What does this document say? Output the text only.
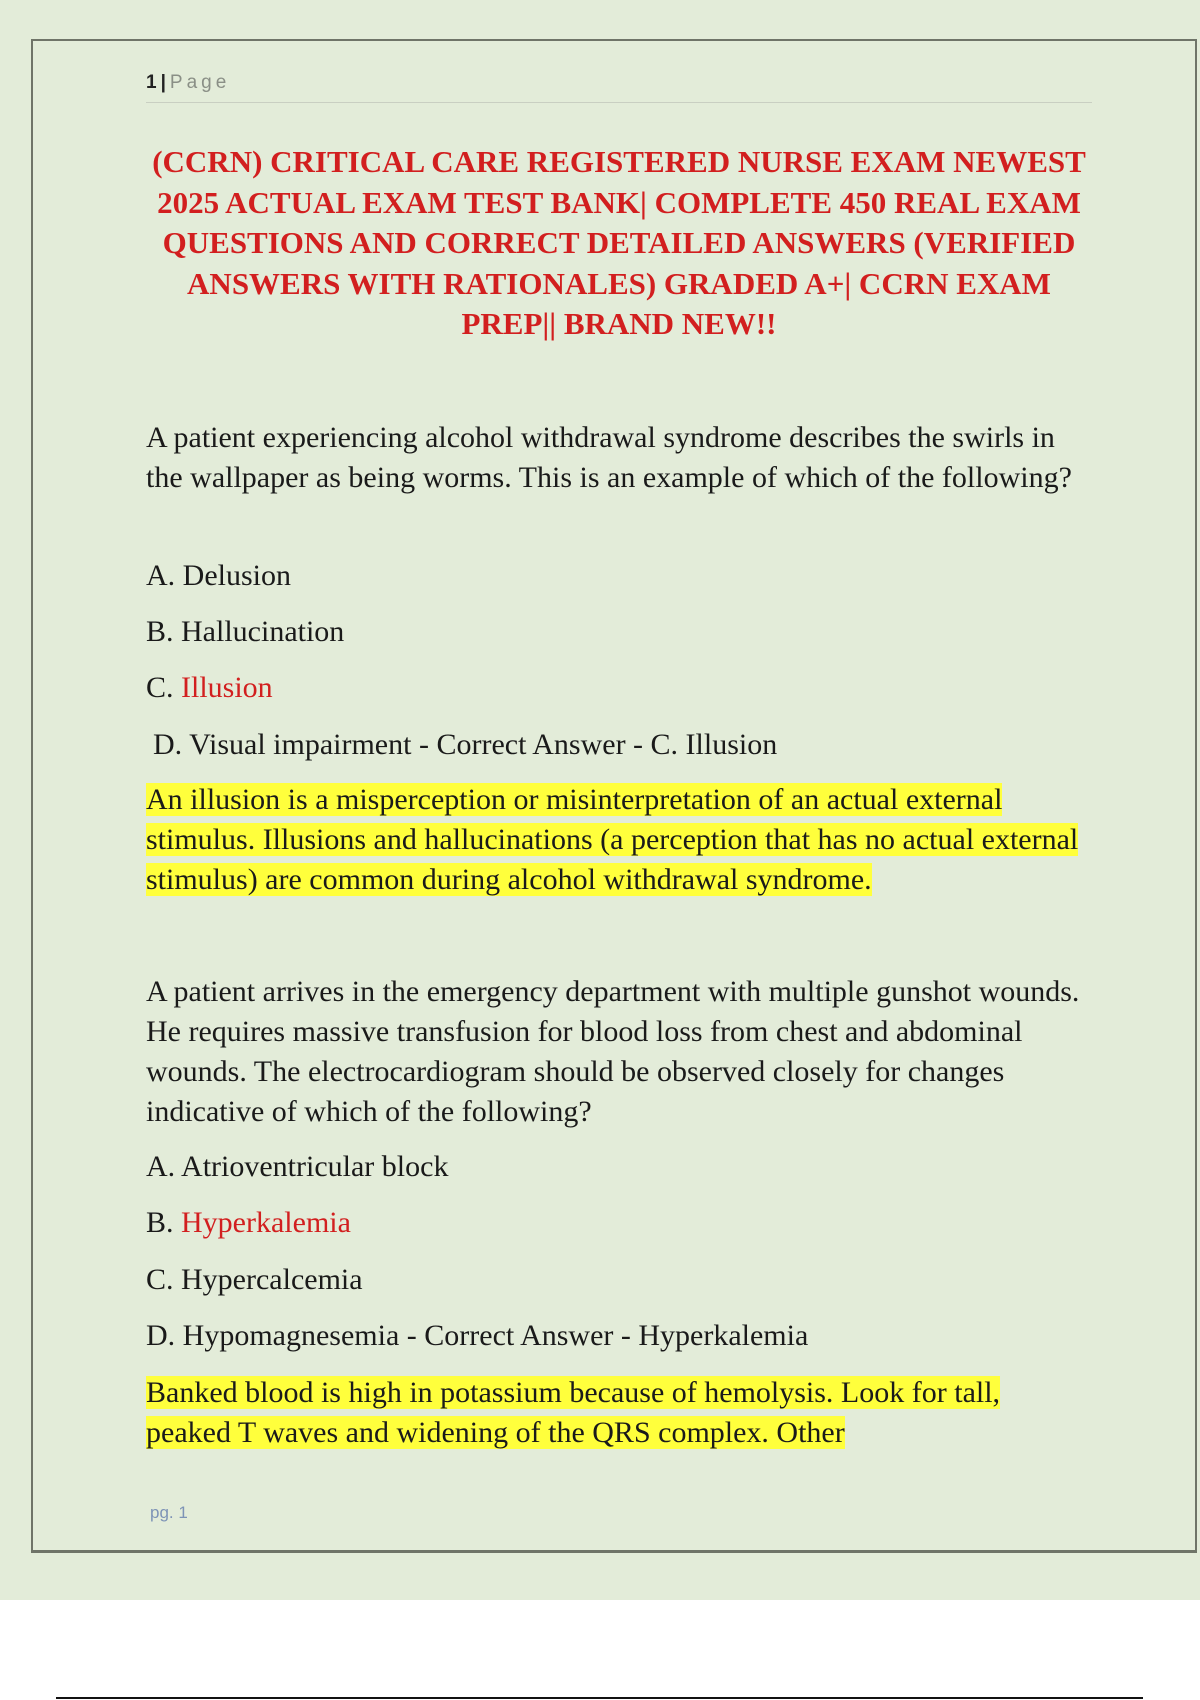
1 | Page
(CCRN) CRITICAL CARE REGISTERED NURSE EXAM NEWEST 2025 ACTUAL EXAM TEST BANK| COMPLETE 450 REAL EXAM QUESTIONS AND CORRECT DETAILED ANSWERS (VERIFIED ANSWERS WITH RATIONALES) GRADED A+| CCRN EXAM PREP|| BRAND NEW!!
A patient experiencing alcohol withdrawal syndrome describes the swirls in the wallpaper as being worms. This is an example of which of the following?
A. Delusion
B. Hallucination
C. Illusion
D. Visual impairment - Correct Answer - C. Illusion
An illusion is a misperception or misinterpretation of an actual external stimulus. Illusions and hallucinations (a perception that has no actual external stimulus) are common during alcohol withdrawal syndrome.
A patient arrives in the emergency department with multiple gunshot wounds. He requires massive transfusion for blood loss from chest and abdominal wounds. The electrocardiogram should be observed closely for changes indicative of which of the following?
A. Atrioventricular block
B. Hyperkalemia
C. Hypercalcemia
D. Hypomagnesemia - Correct Answer - Hyperkalemia
Banked blood is high in potassium because of hemolysis. Look for tall, peaked T waves and widening of the QRS complex. Other
pg. 1
